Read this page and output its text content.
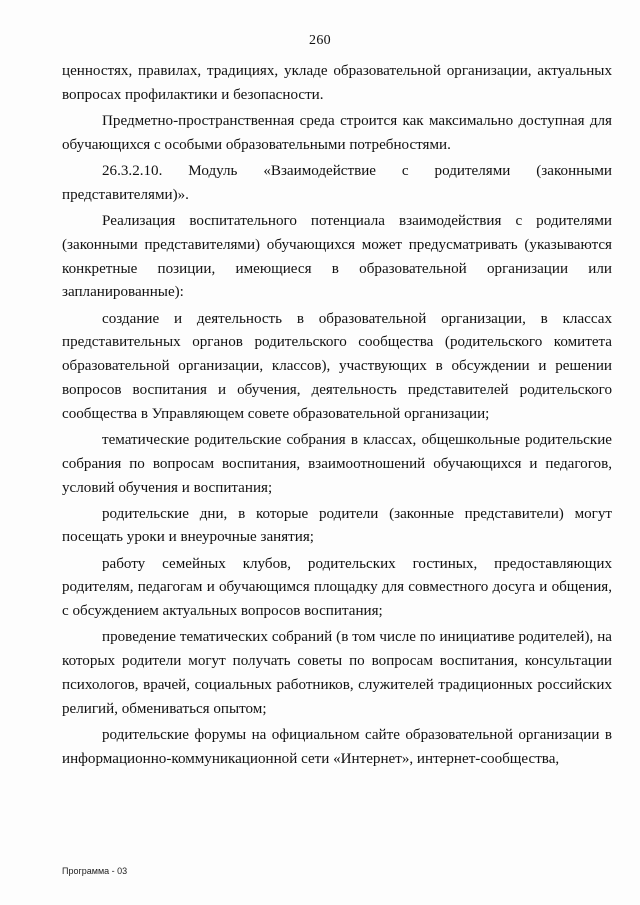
260

ценностях, правилах, традициях, укладе образовательной организации, актуальных вопросах профилактики и безопасности.

Предметно-пространственная среда строится как максимально доступная для обучающихся с особыми образовательными потребностями.

26.3.2.10. Модуль «Взаимодействие с родителями (законными представителями)».

Реализация воспитательного потенциала взаимодействия с родителями (законными представителями) обучающихся может предусматривать (указываются конкретные позиции, имеющиеся в образовательной организации или запланированные):

создание и деятельность в образовательной организации, в классах представительных органов родительского сообщества (родительского комитета образовательной организации, классов), участвующих в обсуждении и решении вопросов воспитания и обучения, деятельность представителей родительского сообщества в Управляющем совете образовательной организации;

тематические родительские собрания в классах, общешкольные родительские собрания по вопросам воспитания, взаимоотношений обучающихся и педагогов, условий обучения и воспитания;

родительские дни, в которые родители (законные представители) могут посещать уроки и внеурочные занятия;

работу семейных клубов, родительских гостиных, предоставляющих родителям, педагогам и обучающимся площадку для совместного досуга и общения, с обсуждением актуальных вопросов воспитания;

проведение тематических собраний (в том числе по инициативе родителей), на которых родители могут получать советы по вопросам воспитания, консультации психологов, врачей, социальных работников, служителей традиционных российских религий, обмениваться опытом;

родительские форумы на официальном сайте образовательной организации в информационно-коммуникационной сети «Интернет», интернет-сообщества,

Программа - 03
